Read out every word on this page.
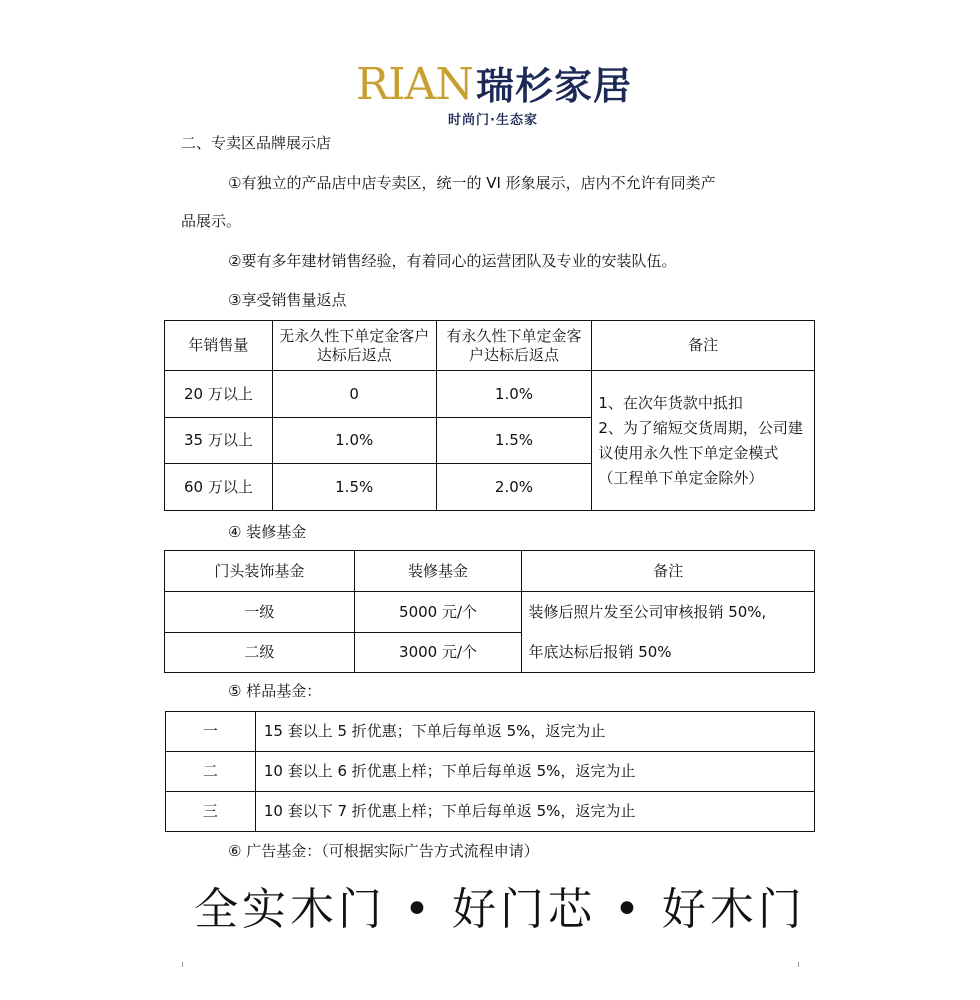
RIAN 瑞杉家居
时尚门·生态家
二、专卖区品牌展示店
①有独立的产品店中店专卖区，统一的 VI 形象展示，店内不允许有同类产
品展示。
②要有多年建材销售经验，有着同心的运营团队及专业的安装队伍。
③享受销售量返点
年销售量	无永久性下单定金客户达标后返点	有永久性下单定金客户达标后返点	备注
20 万以上	0	1.0%	1、在次年货款中抵扣
2、为了缩短交货周期，公司建议使用永久性下单定金模式（工程单下单定金除外）

35 万以上	1.0%	1.5%	
60 万以上	1.5%	2.0%	
④ 装修基金
门头装饰基金	装修基金	备注
一级	5000 元/个	装修后照片发至公司审核报销 50%,
年底达标后报销 50%

二级	3000 元/个	
⑤ 样品基金：
一	15 套以上 5 折优惠；下单后每单返 5%，返完为止
二	10 套以上 6 折优惠上样；下单后每单返 5%，返完为止
三	10 套以下 7 折优惠上样；下单后每单返 5%，返完为止
⑥ 广告基金：（可根据实际广告方式流程申请）
全实木门 • 好门芯 • 好木门
